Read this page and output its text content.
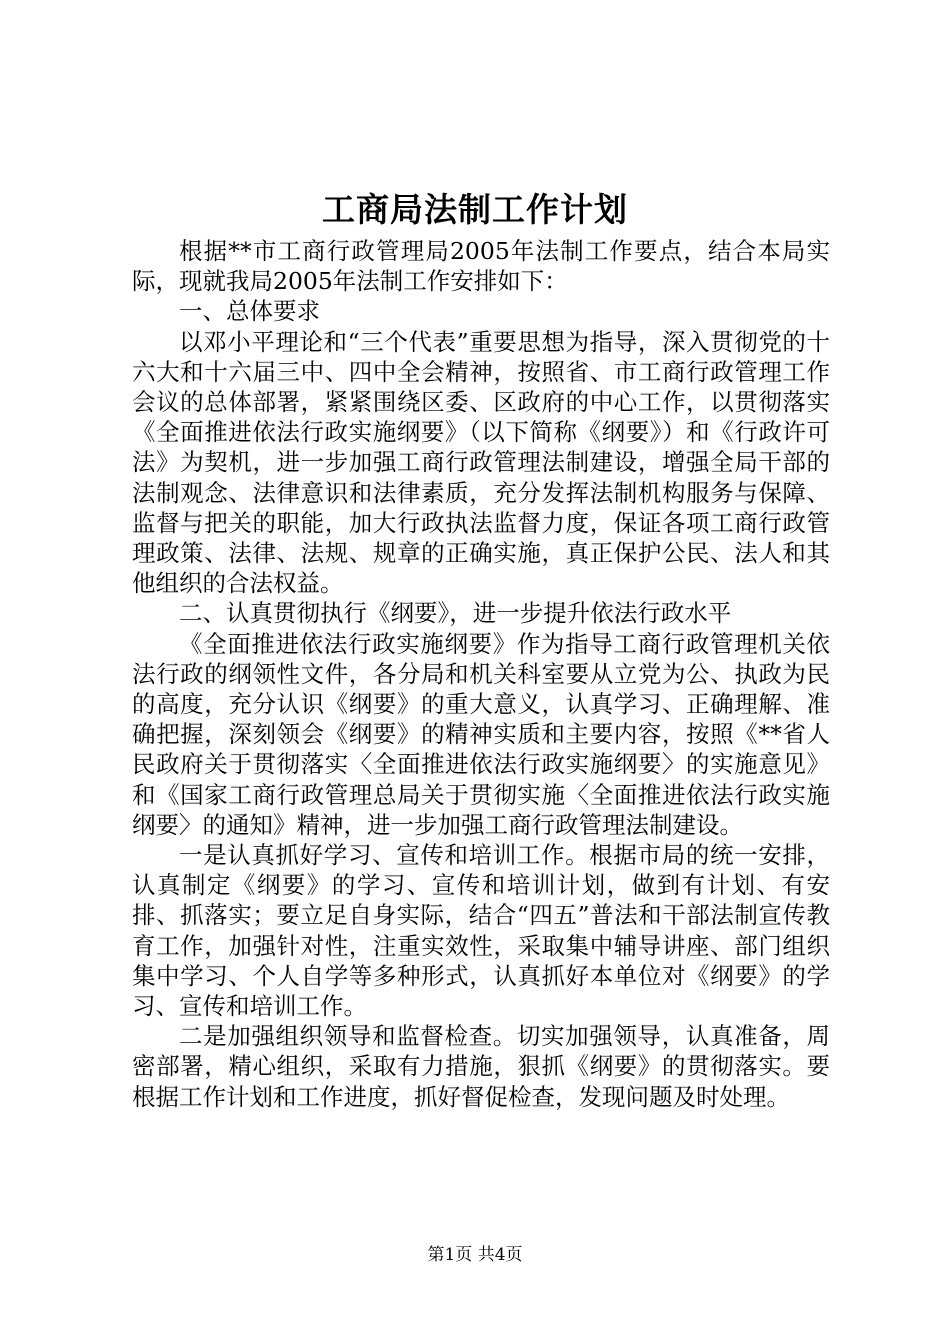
工商局法制工作计划

根据**市工商行政管理局2005年法制工作要点，结合本局实际，现就我局2005年法制工作安排如下：

一、总体要求

以邓小平理论和“三个代表”重要思想为指导，深入贯彻党的十六大和十六届三中、四中全会精神，按照省、市工商行政管理工作会议的总体部署，紧紧围绕区委、区政府的中心工作，以贯彻落实《全面推进依法行政实施纲要》（以下简称《纲要》）和《行政许可法》为契机，进一步加强工商行政管理法制建设，增强全局干部的法制观念、法律意识和法律素质，充分发挥法制机构服务与保障、监督与把关的职能，加大行政执法监督力度，保证各项工商行政管理政策、法律、法规、规章的正确实施，真正保护公民、法人和其他组织的合法权益。

二、认真贯彻执行《纲要》，进一步提升依法行政水平

《全面推进依法行政实施纲要》作为指导工商行政管理机关依法行政的纲领性文件，各分局和机关科室要从立党为公、执政为民的高度，充分认识《纲要》的重大意义，认真学习、正确理解、准确把握，深刻领会《纲要》的精神实质和主要内容，按照《**省人民政府关于贯彻落实〈全面推进依法行政实施纲要〉的实施意见》和《国家工商行政管理总局关于贯彻实施〈全面推进依法行政实施纲要〉的通知》精神，进一步加强工商行政管理法制建设。

一是认真抓好学习、宣传和培训工作。根据市局的统一安排，认真制定《纲要》的学习、宣传和培训计划，做到有计划、有安排、抓落实；要立足自身实际，结合“四五”普法和干部法制宣传教育工作，加强针对性，注重实效性，采取集中辅导讲座、部门组织集中学习、个人自学等多种形式，认真抓好本单位对《纲要》的学习、宣传和培训工作。

二是加强组织领导和监督检查。切实加强领导，认真准备，周密部署，精心组织，采取有力措施，狠抓《纲要》的贯彻落实。要根据工作计划和工作进度，抓好督促检查，发现问题及时处理。

第1页 共4页
